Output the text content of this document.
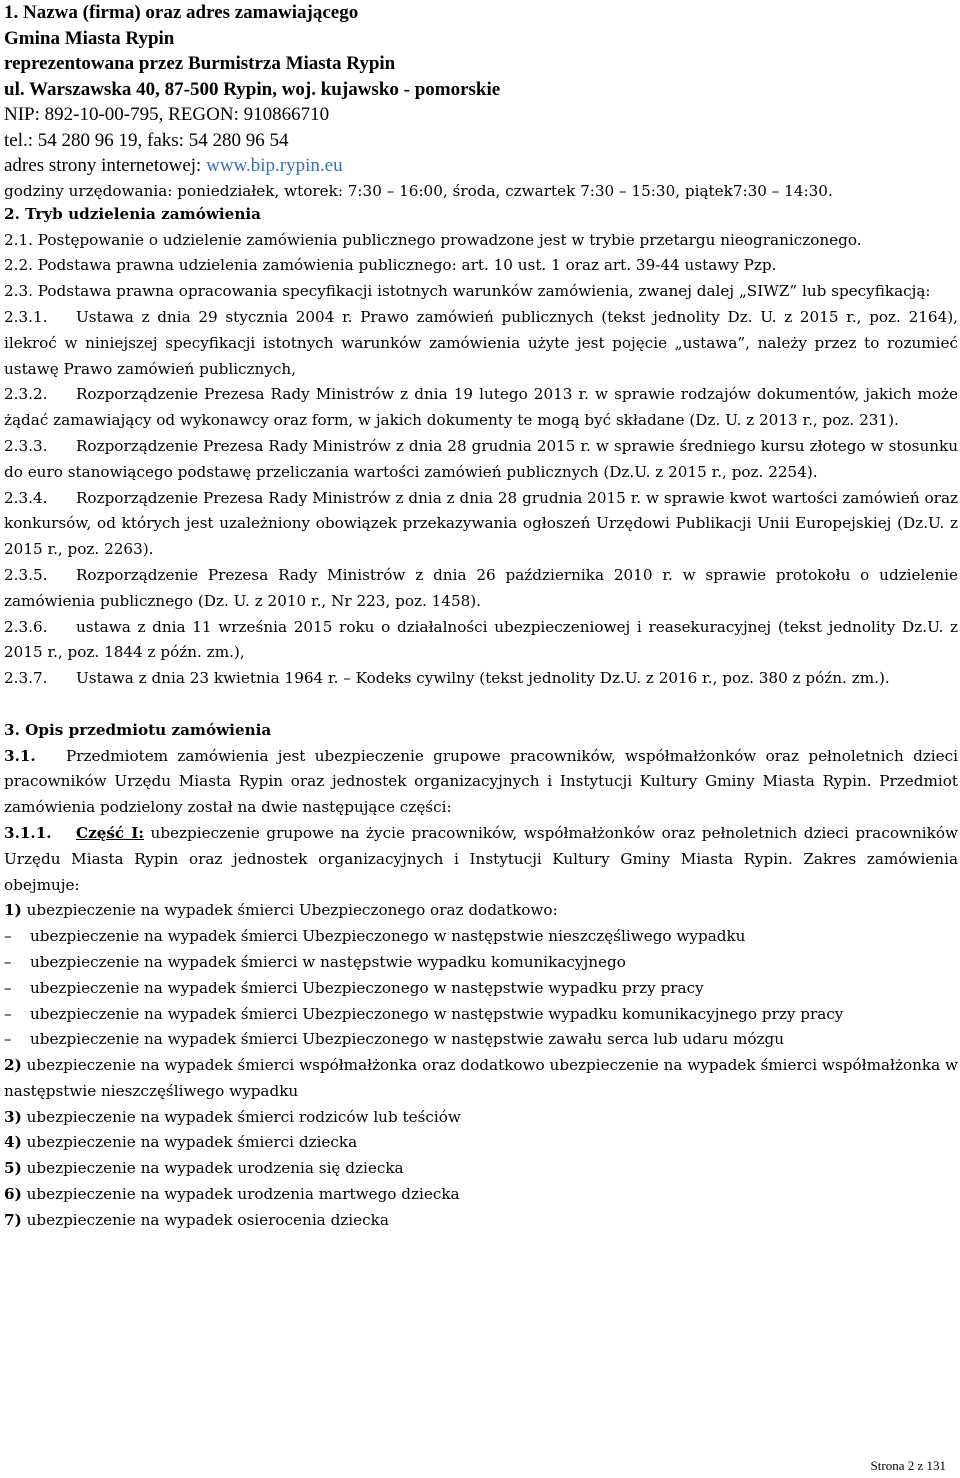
1. Nazwa (firma) oraz adres zamawiającego

Gmina Miasta Rypin

reprezentowana przez Burmistrza Miasta Rypin

ul. Warszawska 40, 87-500 Rypin, woj. kujawsko - pomorskie

NIP: 892-10-00-795, REGON: 910866710

tel.: 54 280 96 19, faks: 54 280 96 54

adres strony internetowej: www.bip.rypin.eu

godziny urzędowania: poniedziałek, wtorek: 7:30 – 16:00, środa, czwartek 7:30 – 15:30, piątek7:30 – 14:30.

2. Tryb udzielenia zamówienia

2.1. Postępowanie o udzielenie zamówienia publicznego prowadzone jest w trybie przetargu nieograniczonego.

2.2. Podstawa prawna udzielenia zamówienia publicznego: art. 10 ust. 1 oraz art. 39-44 ustawy Pzp.

2.3. Podstawa prawna opracowania specyfikacji istotnych warunków zamówienia, zwanej dalej „SIWZ” lub specyfikacją:

2.3.1. Ustawa z dnia 29 stycznia 2004 r. Prawo zamówień publicznych (tekst jednolity Dz. U. z 2015 r., poz. 2164), ilekroć w niniejszej specyfikacji istotnych warunków zamówienia użyte jest pojęcie „ustawa”, należy przez to rozumieć ustawę Prawo zamówień publicznych,

2.3.2. Rozporządzenie Prezesa Rady Ministrów z dnia 19 lutego 2013 r. w sprawie rodzajów dokumentów, jakich może żądać zamawiający od wykonawcy oraz form, w jakich dokumenty te mogą być składane (Dz. U. z 2013 r., poz. 231).

2.3.3. Rozporządzenie Prezesa Rady Ministrów z dnia 28 grudnia 2015 r. w sprawie średniego kursu złotego w stosunku do euro stanowiącego podstawę przeliczania wartości zamówień publicznych (Dz.U. z 2015 r., poz. 2254).

2.3.4. Rozporządzenie Prezesa Rady Ministrów z dnia z dnia 28 grudnia 2015 r. w sprawie kwot wartości zamówień oraz konkursów, od których jest uzależniony obowiązek przekazywania ogłoszeń Urzędowi Publikacji Unii Europejskiej (Dz.U. z 2015 r., poz. 2263).

2.3.5. Rozporządzenie Prezesa Rady Ministrów z dnia 26 października 2010 r. w sprawie protokołu o udzielenie zamówienia publicznego (Dz. U. z 2010 r., Nr 223, poz. 1458).

2.3.6. ustawa z dnia 11 września 2015 roku o działalności ubezpieczeniowej i reasekuracyjnej (tekst jednolity Dz.U. z 2015 r., poz. 1844 z późn. zm.),

2.3.7. Ustawa z dnia 23 kwietnia 1964 r. – Kodeks cywilny (tekst jednolity Dz.U. z 2016 r., poz. 380 z późn. zm.).

3. Opis przedmiotu zamówienia

3.1. Przedmiotem zamówienia jest ubezpieczenie grupowe pracowników, współmałżonków oraz pełnoletnich dzieci pracowników Urzędu Miasta Rypin oraz jednostek organizacyjnych i Instytucji Kultury Gminy Miasta Rypin. Przedmiot zamówienia podzielony został na dwie następujące części:

3.1.1. Część I: ubezpieczenie grupowe na życie pracowników, współmałżonków oraz pełnoletnich dzieci pracowników Urzędu Miasta Rypin oraz jednostek organizacyjnych i Instytucji Kultury Gminy Miasta Rypin. Zakres zamówienia obejmuje:

1) ubezpieczenie na wypadek śmierci Ubezpieczonego oraz dodatkowo:

–	ubezpieczenie na wypadek śmierci Ubezpieczonego w następstwie nieszczęśliwego wypadku
–	ubezpieczenie na wypadek śmierci w następstwie wypadku komunikacyjnego
–	ubezpieczenie na wypadek śmierci Ubezpieczonego w następstwie wypadku przy pracy
–	ubezpieczenie na wypadek śmierci Ubezpieczonego w następstwie wypadku komunikacyjnego przy pracy
–	ubezpieczenie na wypadek śmierci Ubezpieczonego w następstwie zawału serca lub udaru mózgu

2) ubezpieczenie na wypadek śmierci współmałżonka oraz dodatkowo ubezpieczenie na wypadek śmierci współmałżonka w następstwie nieszczęśliwego wypadku

3) ubezpieczenie na wypadek śmierci rodziców lub teściów

4) ubezpieczenie na wypadek śmierci dziecka

5) ubezpieczenie na wypadek urodzenia się dziecka

6) ubezpieczenie na wypadek urodzenia martwego dziecka

7) ubezpieczenie na wypadek osierocenia dziecka

Strona 2 z 131
